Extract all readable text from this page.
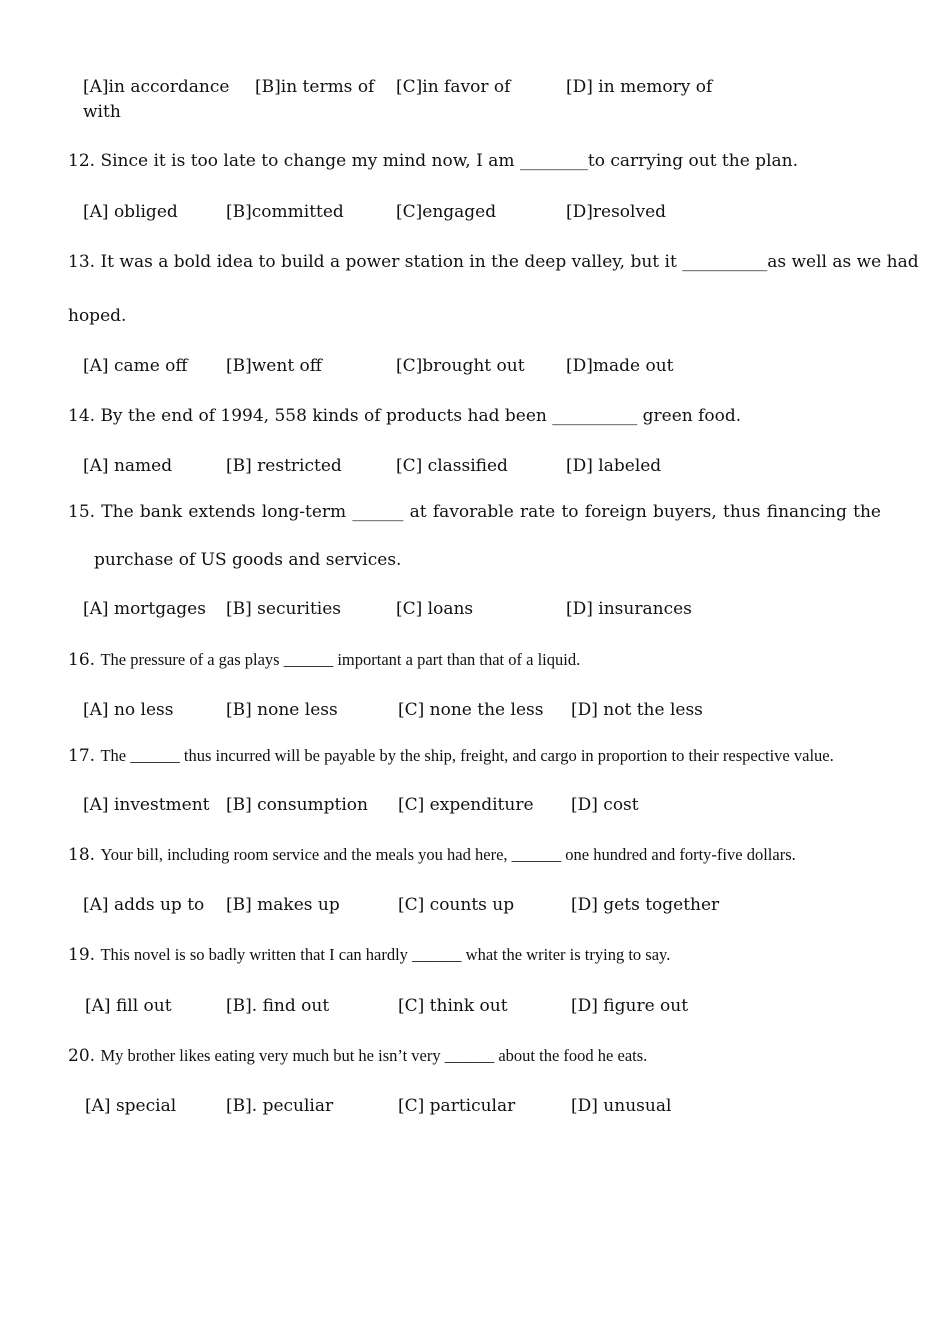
[A]in accordance
with
[B]in terms of [C]in favor of	[D] in memory of
12. Since it is too late to change my mind now, I am ________to carrying out the plan.
[A] obliged	[B]committed	[C]engaged	[D]resolved
13. It was a bold idea to build a power station in the deep valley, but it __________as well as we had
hoped.
[A] came off [B]went off	[C]brought out [D]made out
14. By the end of 1994, 558 kinds of products had been __________ green food.
[A] named	[B] restricted	[C] classified	[D] labeled
15. The bank extends long-term ______ at favorable rate to foreign buyers, thus financing the
purchase of US goods and services.
[A] mortgages [B] securities	[C] loans	[D] insurances
16. The pressure of a gas plays ______ important a part than that of a liquid.
[A] no less	[B] none less	[C] none the less [D] not the less
17. The ______ thus incurred will be payable by the ship, freight, and cargo in proportion to their respective value.
[A] investment [B] consumption [C] expenditure [D] cost
18. Your bill, including room service and the meals you had here, ______ one hundred and forty-five dollars.
[A] adds up to [B] makes up	[C] counts up	[D] gets together
19. This novel is so badly written that I can hardly ______ what the writer is trying to say.
[A] fill out	[B]. find out	[C] think out	[D] figure out
20. My brother likes eating very much but he isn’t very ______ about the food he eats.
[A] special	[B]. peculiar	[C] particular	[D] unusual
